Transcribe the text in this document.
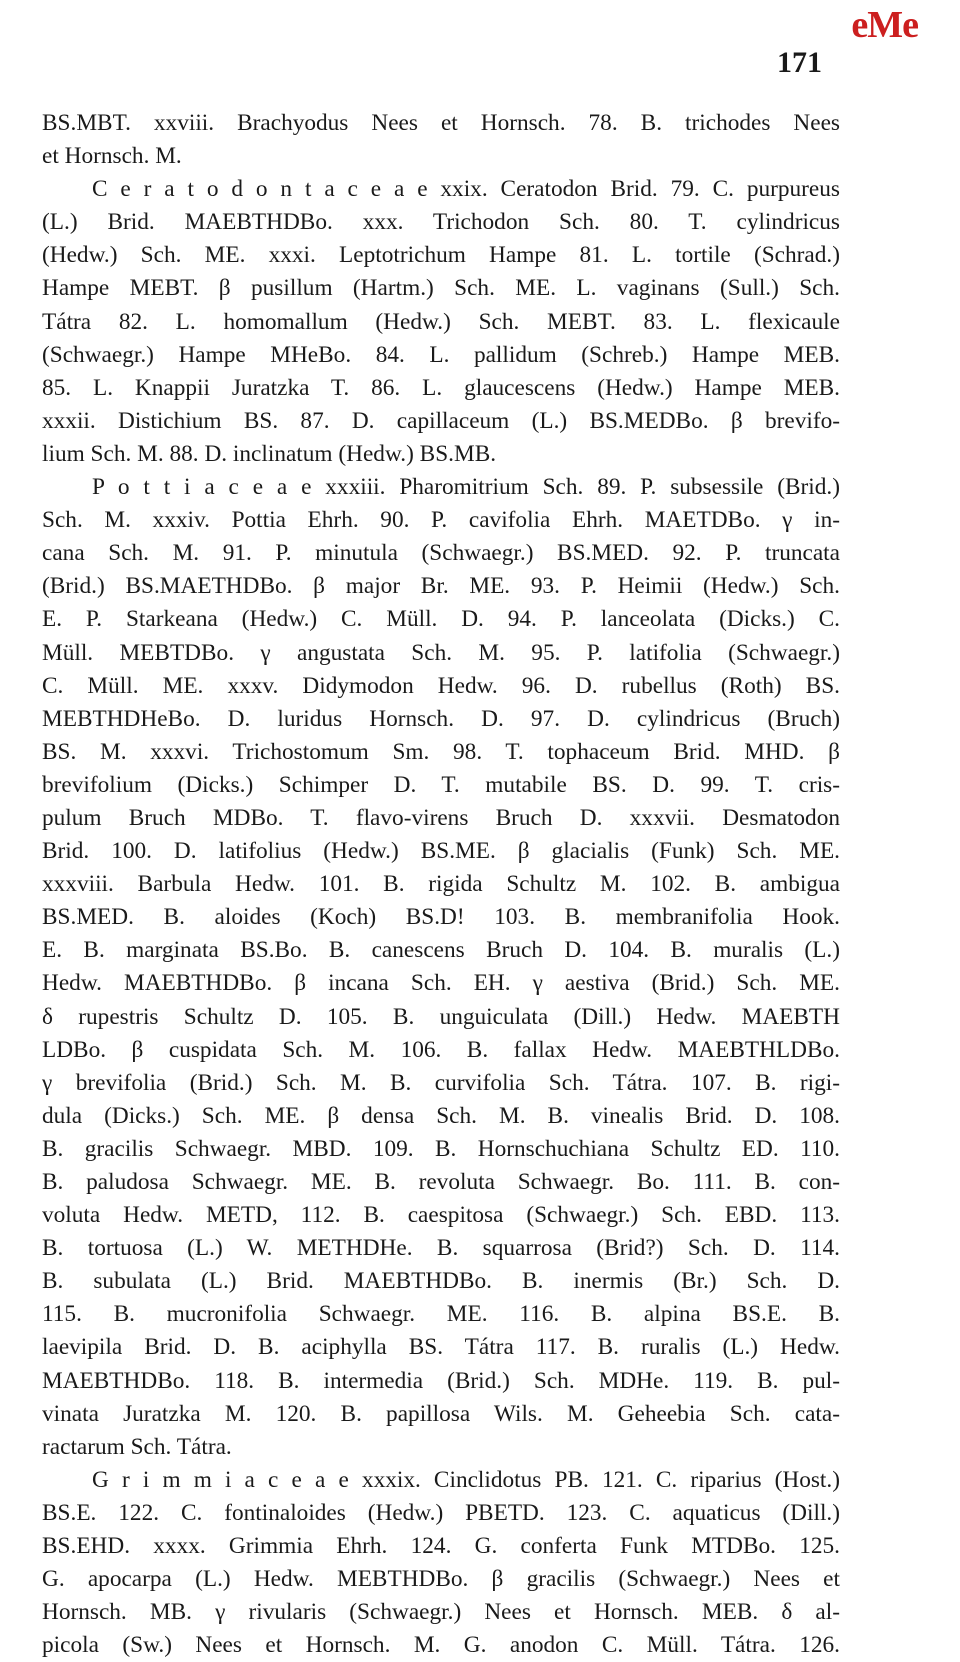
eMe
171
BS.MBT. xxviii. Brachyodus Nees et Hornsch. 78. B. trichodes Nees
et Hornsch. M.
C e r a t o d o n t a c e a e xxix. Ceratodon Brid. 79. C. purpureus
(L.) Brid. MAEBTHDBo. xxx. Trichodon Sch. 80. T. cylindricus
(Hedw.) Sch. ME. xxxi. Leptotrichum Hampe 81. L. tortile (Schrad.)
Hampe MEBT. β pusillum (Hartm.) Sch. ME. L. vaginans (Sull.) Sch.
Tátra 82. L. homomallum (Hedw.) Sch. MEBT. 83. L. flexicaule
(Schwaegr.) Hampe MHeBo. 84. L. pallidum (Schreb.) Hampe MEB.
85. L. Knappii Juratzka T. 86. L. glaucescens (Hedw.) Hampe MEB.
xxxii. Distichium BS. 87. D. capillaceum (L.) BS.MEDBo. β brevifo-
lium Sch. M. 88. D. inclinatum (Hedw.) BS.MB.
P o t t i a c e a e xxxiii. Pharomitrium Sch. 89. P. subsessile (Brid.)
Sch. M. xxxiv. Pottia Ehrh. 90. P. cavifolia Ehrh. MAETDBo. γ in-
cana Sch. M. 91. P. minutula (Schwaegr.) BS.MED. 92. P. truncata
(Brid.) BS.MAETHDBo. β major Br. ME. 93. P. Heimii (Hedw.) Sch.
E. P. Starkeana (Hedw.) C. Müll. D. 94. P. lanceolata (Dicks.) C.
Müll. MEBTDBo. γ angustata Sch. M. 95. P. latifolia (Schwaegr.)
C. Müll. ME. xxxv. Didymodon Hedw. 96. D. rubellus (Roth) BS.
MEBTHDHeBo. D. luridus Hornsch. D. 97. D. cylindricus (Bruch)
BS. M. xxxvi. Trichostomum Sm. 98. T. tophaceum Brid. MHD. β
brevifolium (Dicks.) Schimper D. T. mutabile BS. D. 99. T. cris-
pulum Bruch MDBo. T. flavo-virens Bruch D. xxxvii. Desmatodon
Brid. 100. D. latifolius (Hedw.) BS.ME. β glacialis (Funk) Sch. ME.
xxxviii. Barbula Hedw. 101. B. rigida Schultz M. 102. B. ambigua
BS.MED. B. aloides (Koch) BS.D! 103. B. membranifolia Hook.
E. B. marginata BS.Bo. B. canescens Bruch D. 104. B. muralis (L.)
Hedw. MAEBTHDBo. β incana Sch. EH. γ aestiva (Brid.) Sch. ME.
δ rupestris Schultz D. 105. B. unguiculata (Dill.) Hedw. MAEBTH
LDBo. β cuspidata Sch. M. 106. B. fallax Hedw. MAEBTHLDBo.
γ brevifolia (Brid.) Sch. M. B. curvifolia Sch. Tátra. 107. B. rigi-
dula (Dicks.) Sch. ME. β densa Sch. M. B. vinealis Brid. D. 108.
B. gracilis Schwaegr. MBD. 109. B. Hornschuchiana Schultz ED. 110.
B. paludosa Schwaegr. ME. B. revoluta Schwaegr. Bo. 111. B. con-
voluta Hedw. METD, 112. B. caespitosa (Schwaegr.) Sch. EBD. 113.
B. tortuosa (L.) W. METHDHe. B. squarrosa (Brid?) Sch. D. 114.
B. subulata (L.) Brid. MAEBTHDBo. B. inermis (Br.) Sch. D.
115. B. mucronifolia Schwaegr. ME. 116. B. alpina BS.E. B.
laevipila Brid. D. B. aciphylla BS. Tátra 117. B. ruralis (L.) Hedw.
MAEBTHDBo. 118. B. intermedia (Brid.) Sch. MDHe. 119. B. pul-
vinata Juratzka M. 120. B. papillosa Wils. M. Geheebia Sch. cata-
ractarum Sch. Tátra.
G r i m m i a c e a e xxxix. Cinclidotus PB. 121. C. riparius (Host.)
BS.E. 122. C. fontinaloides (Hedw.) PBETD. 123. C. aquaticus (Dill.)
BS.EHD. xxxx. Grimmia Ehrh. 124. G. conferta Funk MTDBo. 125.
G. apocarpa (L.) Hedw. MEBTHDBo. β gracilis (Schwaegr.) Nees et
Hornsch. MB. γ rivularis (Schwaegr.) Nees et Hornsch. MEB. δ al-
picola (Sw.) Nees et Hornsch. M. G. anodon C. Müll. Tátra. 126.
